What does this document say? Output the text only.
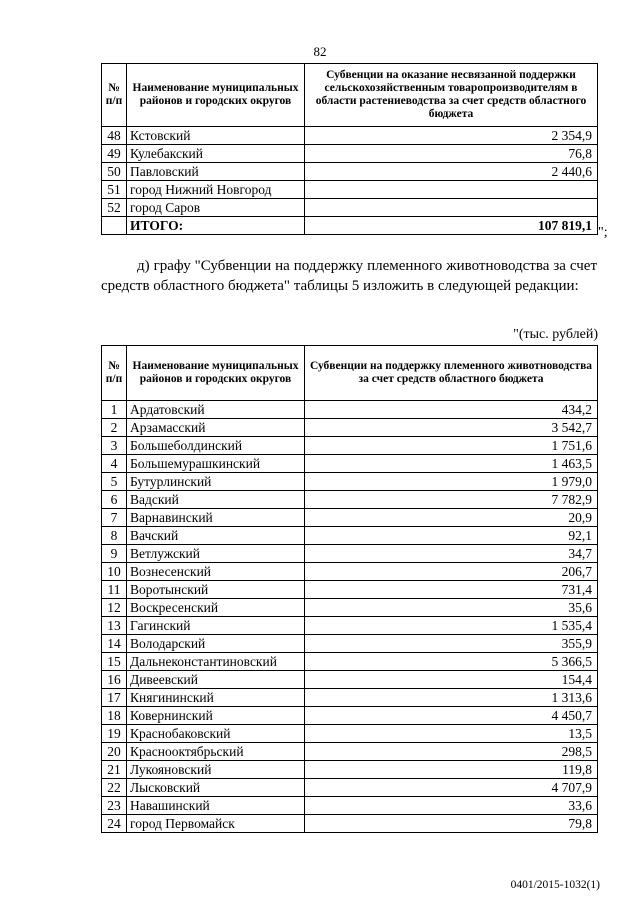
82
№ п/п	Наименование муниципальных районов и городских округов	Субвенции на оказание несвязанной поддержки сельскохозяйственным товаропроизводителям в области растениеводства за счет средств областного бюджета
48	Кстовский	2 354,9
49	Кулебакский	76,8
50	Павловский	2 440,6
51	город Нижний Новгород	
52	город Саров	
	ИТОГО:	107 819,1 ";
д) графу "Субвенции на поддержку племенного животноводства за счет средств областного бюджета" таблицы 5 изложить в следующей редакции:
"(тыс. рублей)
№ п/п	Наименование муниципальных районов и городских округов	Субвенции на поддержку племенного животноводства за счет средств областного бюджета
1	Ардатовский	434,2
2	Арзамасский	3 542,7
3	Большеболдинский	1 751,6
4	Большемурашкинский	1 463,5
5	Бутурлинский	1 979,0
6	Вадский	7 782,9
7	Варнавинский	20,9
8	Вачский	92,1
9	Ветлужский	34,7
10	Вознесенский	206,7
11	Воротынский	731,4
12	Воскресенский	35,6
13	Гагинский	1 535,4
14	Володарский	355,9
15	Дальнеконстантиновский	5 366,5
16	Дивеевский	154,4
17	Княгининский	1 313,6
18	Ковернинский	4 450,7
19	Краснобаковский	13,5
20	Краснооктябрьский	298,5
21	Лукояновский	119,8
22	Лысковский	4 707,9
23	Навашинский	33,6
24	город Первомайск	79,8
0401/2015-1032(1)
